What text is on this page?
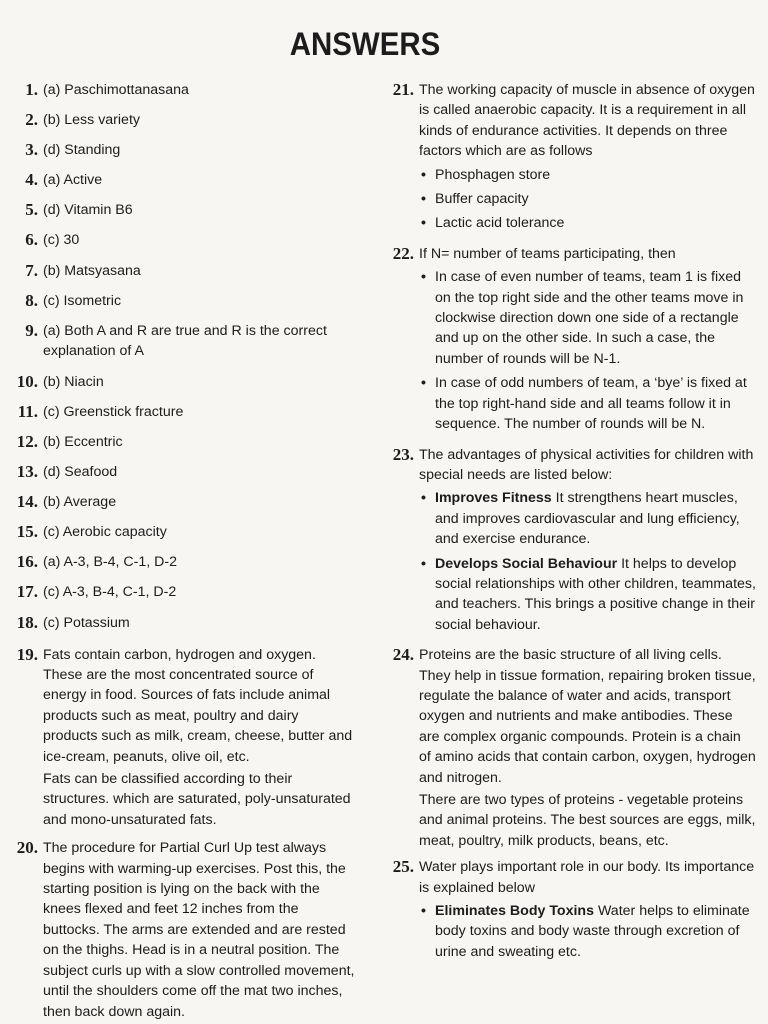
ANSWERS
1. (a) Paschimottanasana
2. (b) Less variety
3. (d) Standing
4. (a) Active
5. (d) Vitamin B6
6. (c) 30
7. (b) Matsyasana
8. (c) Isometric
9. (a) Both A and R are true and R is the correct explanation of A
10. (b) Niacin
11. (c) Greenstick fracture
12. (b) Eccentric
13. (d) Seafood
14. (b) Average
15. (c) Aerobic capacity
16. (a) A-3, B-4, C-1, D-2
17. (c) A-3, B-4, C-1, D-2
18. (c) Potassium
19. Fats contain carbon, hydrogen and oxygen. These are the most concentrated source of energy in food. Sources of fats include animal products such as meat, poultry and dairy products such as milk, cream, cheese, butter and ice-cream, peanuts, olive oil, etc.

Fats can be classified according to their structures. which are saturated, poly-unsaturated and mono-unsaturated fats.

20. The procedure for Partial Curl Up test always begins with warming-up exercises. Post this, the starting position is lying on the back with the knees flexed and feet 12 inches from the buttocks. The arms are extended and are rested on the thighs. Head is in a neutral position. The subject curls up with a slow controlled movement, until the shoulders come off the mat two inches, then back down again.

21. The working capacity of muscle in absence of oxygen is called anaerobic capacity. It is a requirement in all kinds of endurance activities. It depends on three factors which are as follows

• Phosphagen store
• Buffer capacity
• Lactic acid tolerance
22. If N= number of teams participating, then

• In case of even number of teams, team 1 is fixed on the top right side and the other teams move in clockwise direction down one side of a rectangle and up on the other side. In such a case, the number of rounds will be N-1.
• In case of odd numbers of team, a ‘bye’ is fixed at the top right-hand side and all teams follow it in sequence. The number of rounds will be N.
23. The advantages of physical activities for children with special needs are listed below:

• Improves Fitness It strengthens heart muscles, and improves cardiovascular and lung efficiency, and exercise endurance.
• Develops Social Behaviour It helps to develop social relationships with other children, teammates, and teachers. This brings a positive change in their social behaviour.
24. Proteins are the basic structure of all living cells. They help in tissue formation, repairing broken tissue, regulate the balance of water and acids, transport oxygen and nutrients and make antibodies. These are complex organic compounds. Protein is a chain of amino acids that contain carbon, oxygen, hydrogen and nitrogen.

There are two types of proteins - vegetable proteins and animal proteins. The best sources are eggs, milk, meat, poultry, milk products, beans, etc.

25. Water plays important role in our body. Its importance is explained below

• Eliminates Body Toxins Water helps to eliminate body toxins and body waste through excretion of urine and sweating etc.
